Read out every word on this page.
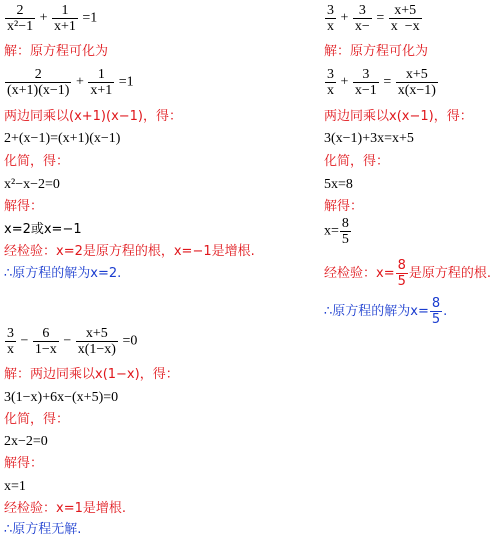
$\frac{2}{\text{x²−1}} + \frac{1}{x+1} =1$
解：原方程可化为
$\frac{2}{(x+1)(x-1)} + \frac{1}{x+1} =1$
两边同乘以(x+1)(x−1)，得：
2+(x−1)=(x+1)(x−1)
化简，得：
x²−x−2=0
解得：
x=2或x=−1
经检验：x=2是原方程的根，x=−1是增根.
∴原方程的解为x=2.
$\frac{3}{x} + \frac{3}{x-} = \frac{x+5}{x -x}$
解：原方程可化为
$\frac{3}{x} + \frac{3}{x-1} = \frac{x+5}{x(x-1)}$
两边同乘以x(x−1)，得：
3(x−1)+3x=x+5
化简，得：
5x=8
解得：
$x= \frac{8}{5}$
经检验：$x= \frac{8}{5}$ 是原方程的根.
∴原方程的解为$x= \frac{8}{5}$ .
$\frac{3}{x} - \frac{6}{1-x} - \frac{x+5}{x(1-x)} =0$
解：两边同乘以x(1−x)，得：
3(1−x)+6x−(x+5)=0
化简，得：
2x−2=0
解得：
x=1
经检验：x=1是增根.
∴原方程无解.
